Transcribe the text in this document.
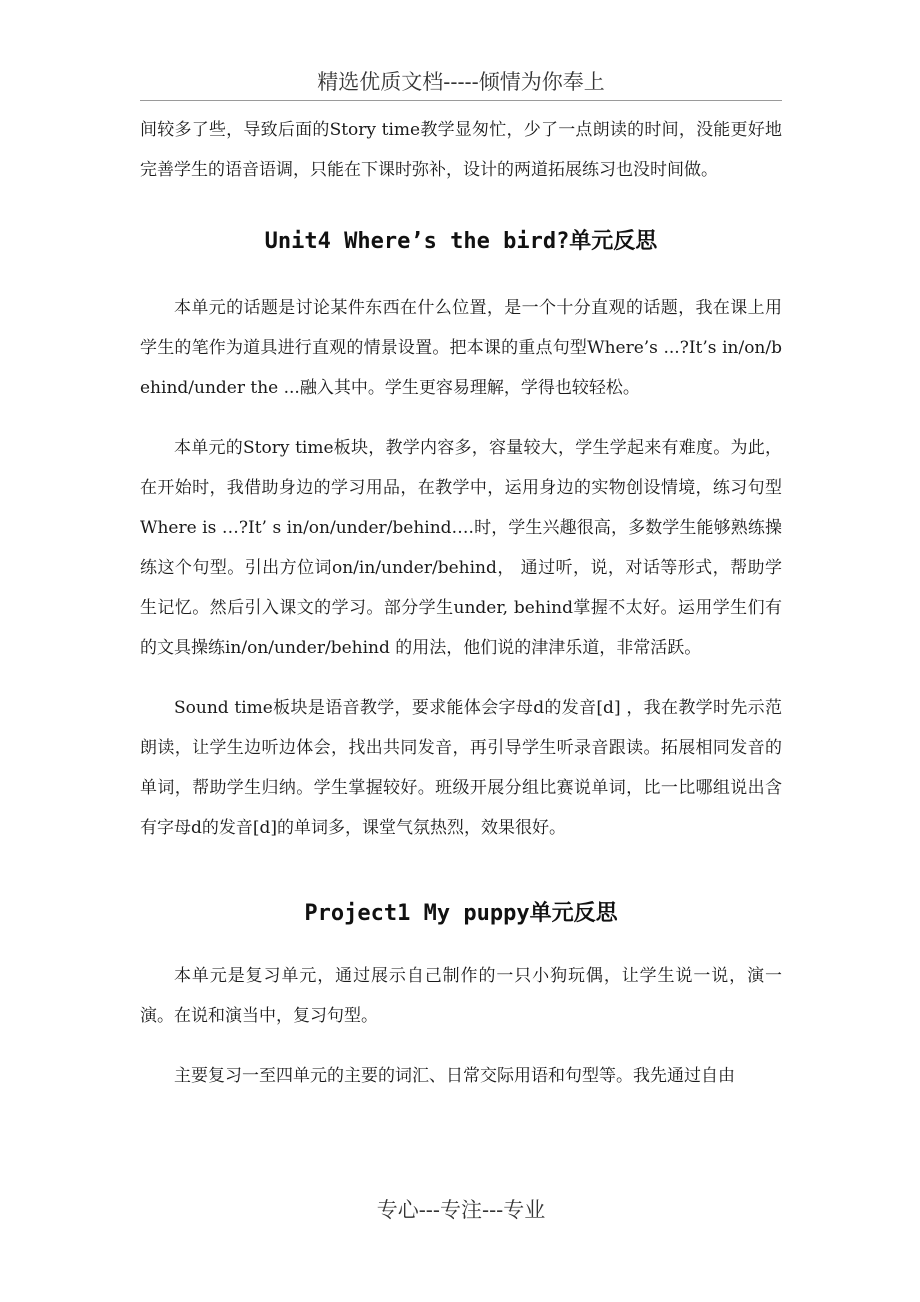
精选优质文档-----倾情为你奉上

间较多了些，导致后面的Story time教学显匆忙，少了一点朗读的时间，没能更好地完善学生的语音语调，只能在下课时弥补，设计的两道拓展练习也没时间做。

Unit4 Where’s the bird?单元反思

本单元的话题是讨论某件东西在什么位置，是一个十分直观的话题，我在课上用学生的笔作为道具进行直观的情景设置。把本课的重点句型Where’s ...?It’s in/on/behind/under the ...融入其中。学生更容易理解，学得也较轻松。

本单元的Story time板块，教学内容多，容量较大，学生学起来有难度。为此，在开始时，我借助身边的学习用品，在教学中，运用身边的实物创设情境，练习句型Where is …?It’ s in/on/under/behind….时，学生兴趣很高，多数学生能够熟练操练这个句型。引出方位词on/in/under/behind， 通过听，说，对话等形式，帮助学生记忆。然后引入课文的学习。部分学生under, behind掌握不太好。运用学生们有的文具操练in/on/under/behind 的用法，他们说的津津乐道，非常活跃。

Sound time板块是语音教学，要求能体会字母d的发音[d] ，我在教学时先示范朗读，让学生边听边体会，找出共同发音，再引导学生听录音跟读。拓展相同发音的单词，帮助学生归纳。学生掌握较好。班级开展分组比赛说单词，比一比哪组说出含有字母d的发音[d]的单词多，课堂气氛热烈，效果很好。

Project1 My puppy单元反思

本单元是复习单元，通过展示自己制作的一只小狗玩偶，让学生说一说，演一演。在说和演当中，复习句型。

主要复习一至四单元的主要的词汇、日常交际用语和句型等。我先通过自由

专心---专注---专业
